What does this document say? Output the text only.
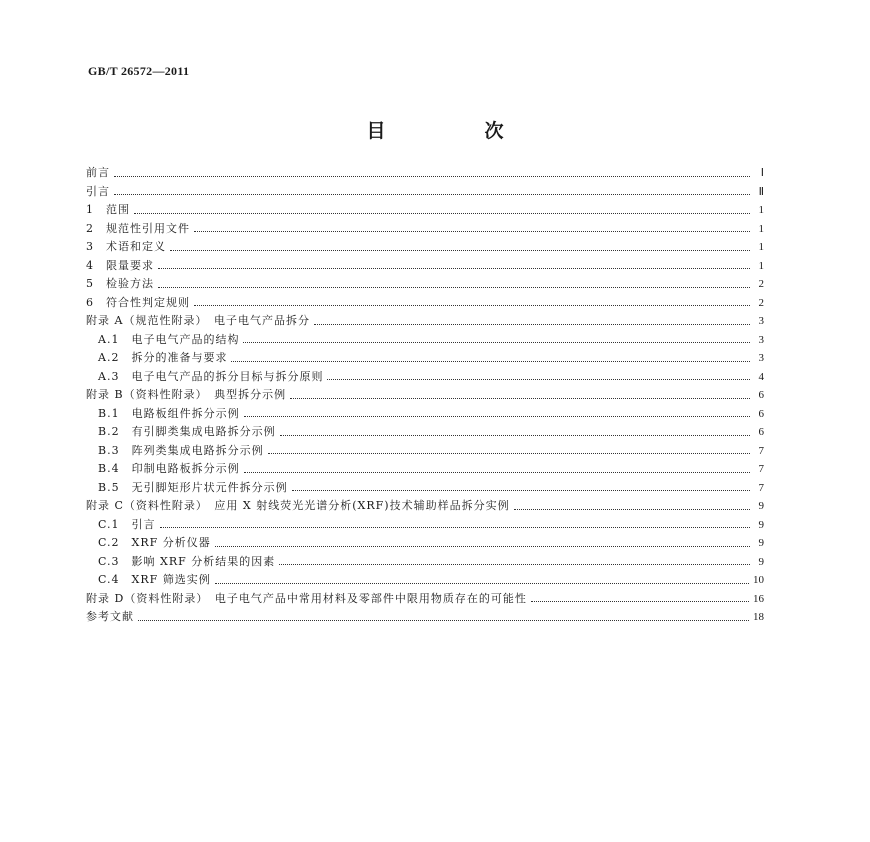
GB/T 26572—2011
目　次
前言	Ⅰ
引言	Ⅱ
1　范围	1
2　规范性引用文件	1
3　术语和定义	1
4　限量要求	1
5　检验方法	2
6　符合性判定规则	2
附录 A（规范性附录）　电子电气产品拆分	3
A.1　电子电气产品的结构	3
A.2　拆分的准备与要求	3
A.3　电子电气产品的拆分目标与拆分原则	4
附录 B（资料性附录）　典型拆分示例	6
B.1　电路板组件拆分示例	6
B.2　有引脚类集成电路拆分示例	6
B.3　阵列类集成电路拆分示例	7
B.4　印制电路板拆分示例	7
B.5　无引脚矩形片状元件拆分示例	7
附录 C（资料性附录）　应用 X 射线荧光光谱分析(XRF)技术辅助样品拆分实例	9
C.1　引言	9
C.2　XRF 分析仪器	9
C.3　影响 XRF 分析结果的因素	9
C.4　XRF 筛选实例	10
附录 D（资料性附录）　电子电气产品中常用材料及零部件中限用物质存在的可能性	16
参考文献	18
